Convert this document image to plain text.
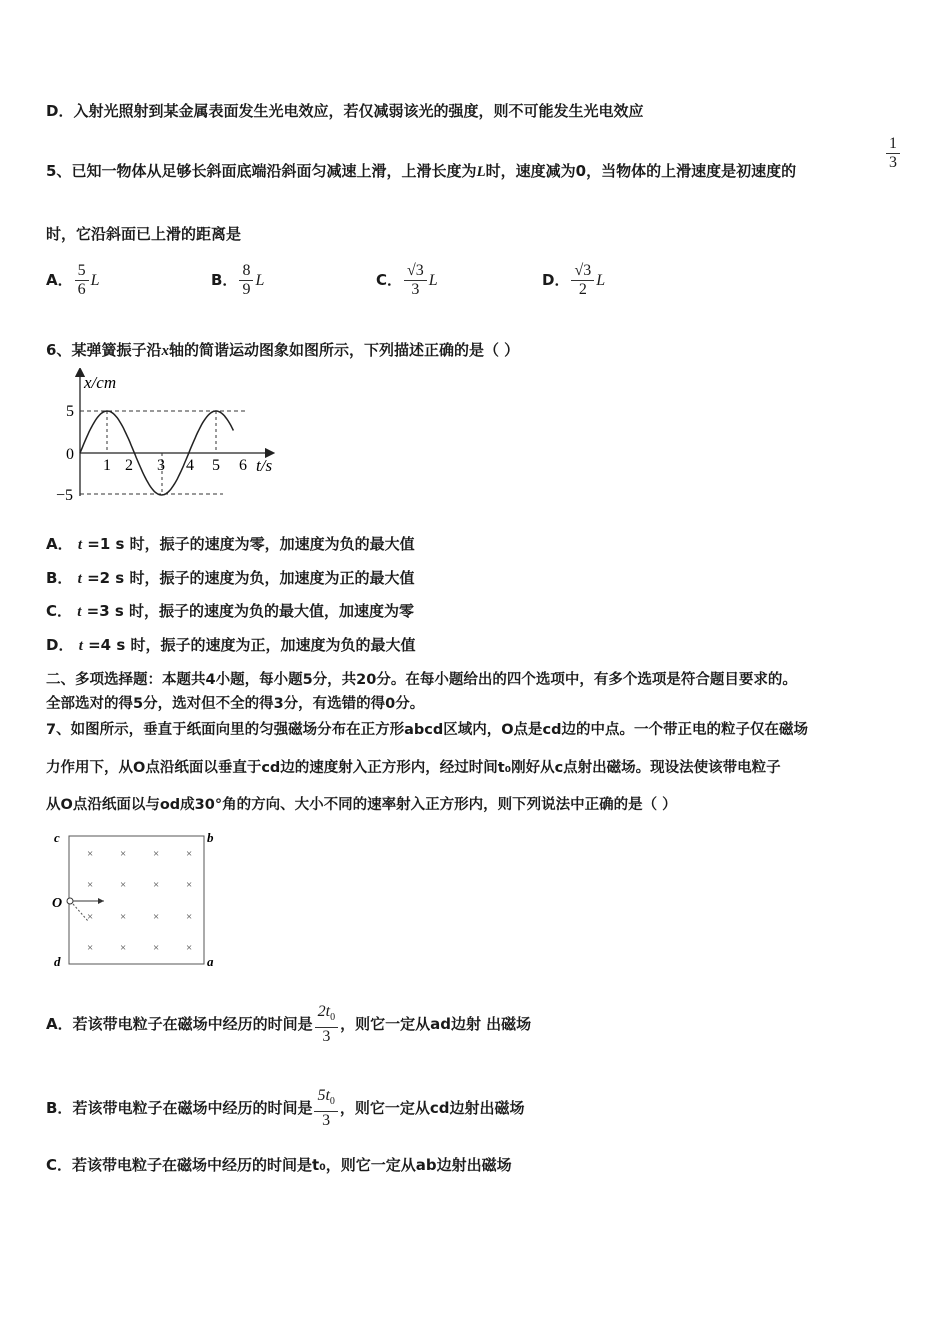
D．入射光照射到某金属表面发生光电效应，若仅减弱该光的强度，则不可能发生光电效应
5、已知一物体从足够长斜面底端沿斜面匀减速上滑，上滑长度为L时，速度减为0，当物体的上滑速度是初速度的	$\frac{1}{3}$
时，它沿斜面已上滑的距离是
A． $\frac{5}{6}$ L	B． $\frac{8}{9}$ L	C． $\frac{√3}{3}$ L	D． $\frac{√3}{2}$ L
6、某弹簧振子沿x轴的简谐运动图象如图所示，下列描述正确的是（ ）
x/cm
t/s
5
0
−5
1 2 3 4 5 6
A． t =1 s 时，振子的速度为零，加速度为负的最大值
B． t =2 s 时，振子的速度为负，加速度为正的最大值
C． t =3 s 时，振子的速度为负的最大值，加速度为零
D． t =4 s 时，振子的速度为正，加速度为负的最大值
二、多项选择题：本题共4小题，每小题5分，共20分。在每小题给出的四个选项中，有多个选项是符合题目要求的。
全部选对的得5分，选对但不全的得3分，有选错的得0分。
7、如图所示，垂直于纸面向里的匀强磁场分布在正方形abcd区域内，O点是cd边的中点。一个带正电的粒子仅在磁场
力作用下，从O点沿纸面以垂直于cd边的速度射入正方形内，经过时间t₀刚好从c点射出磁场。现设法使该带电粒子
从O点沿纸面以与od成30°角的方向、大小不同的速率射入正方形内，则下列说法中正确的是（ ）
c	b
d	a
O
× × × ×
× × × ×
× × × ×
× × × ×
A．若该带电粒子在磁场中经历的时间是 $\frac{2t_0}{3}$ ，则它一定从ad边射 出磁场
B．若该带电粒子在磁场中经历的时间是 $\frac{5t_0}{3}$ ，则它一定从cd边射出磁场
C．若该带电粒子在磁场中经历的时间是t₀，则它一定从ab边射出磁场
